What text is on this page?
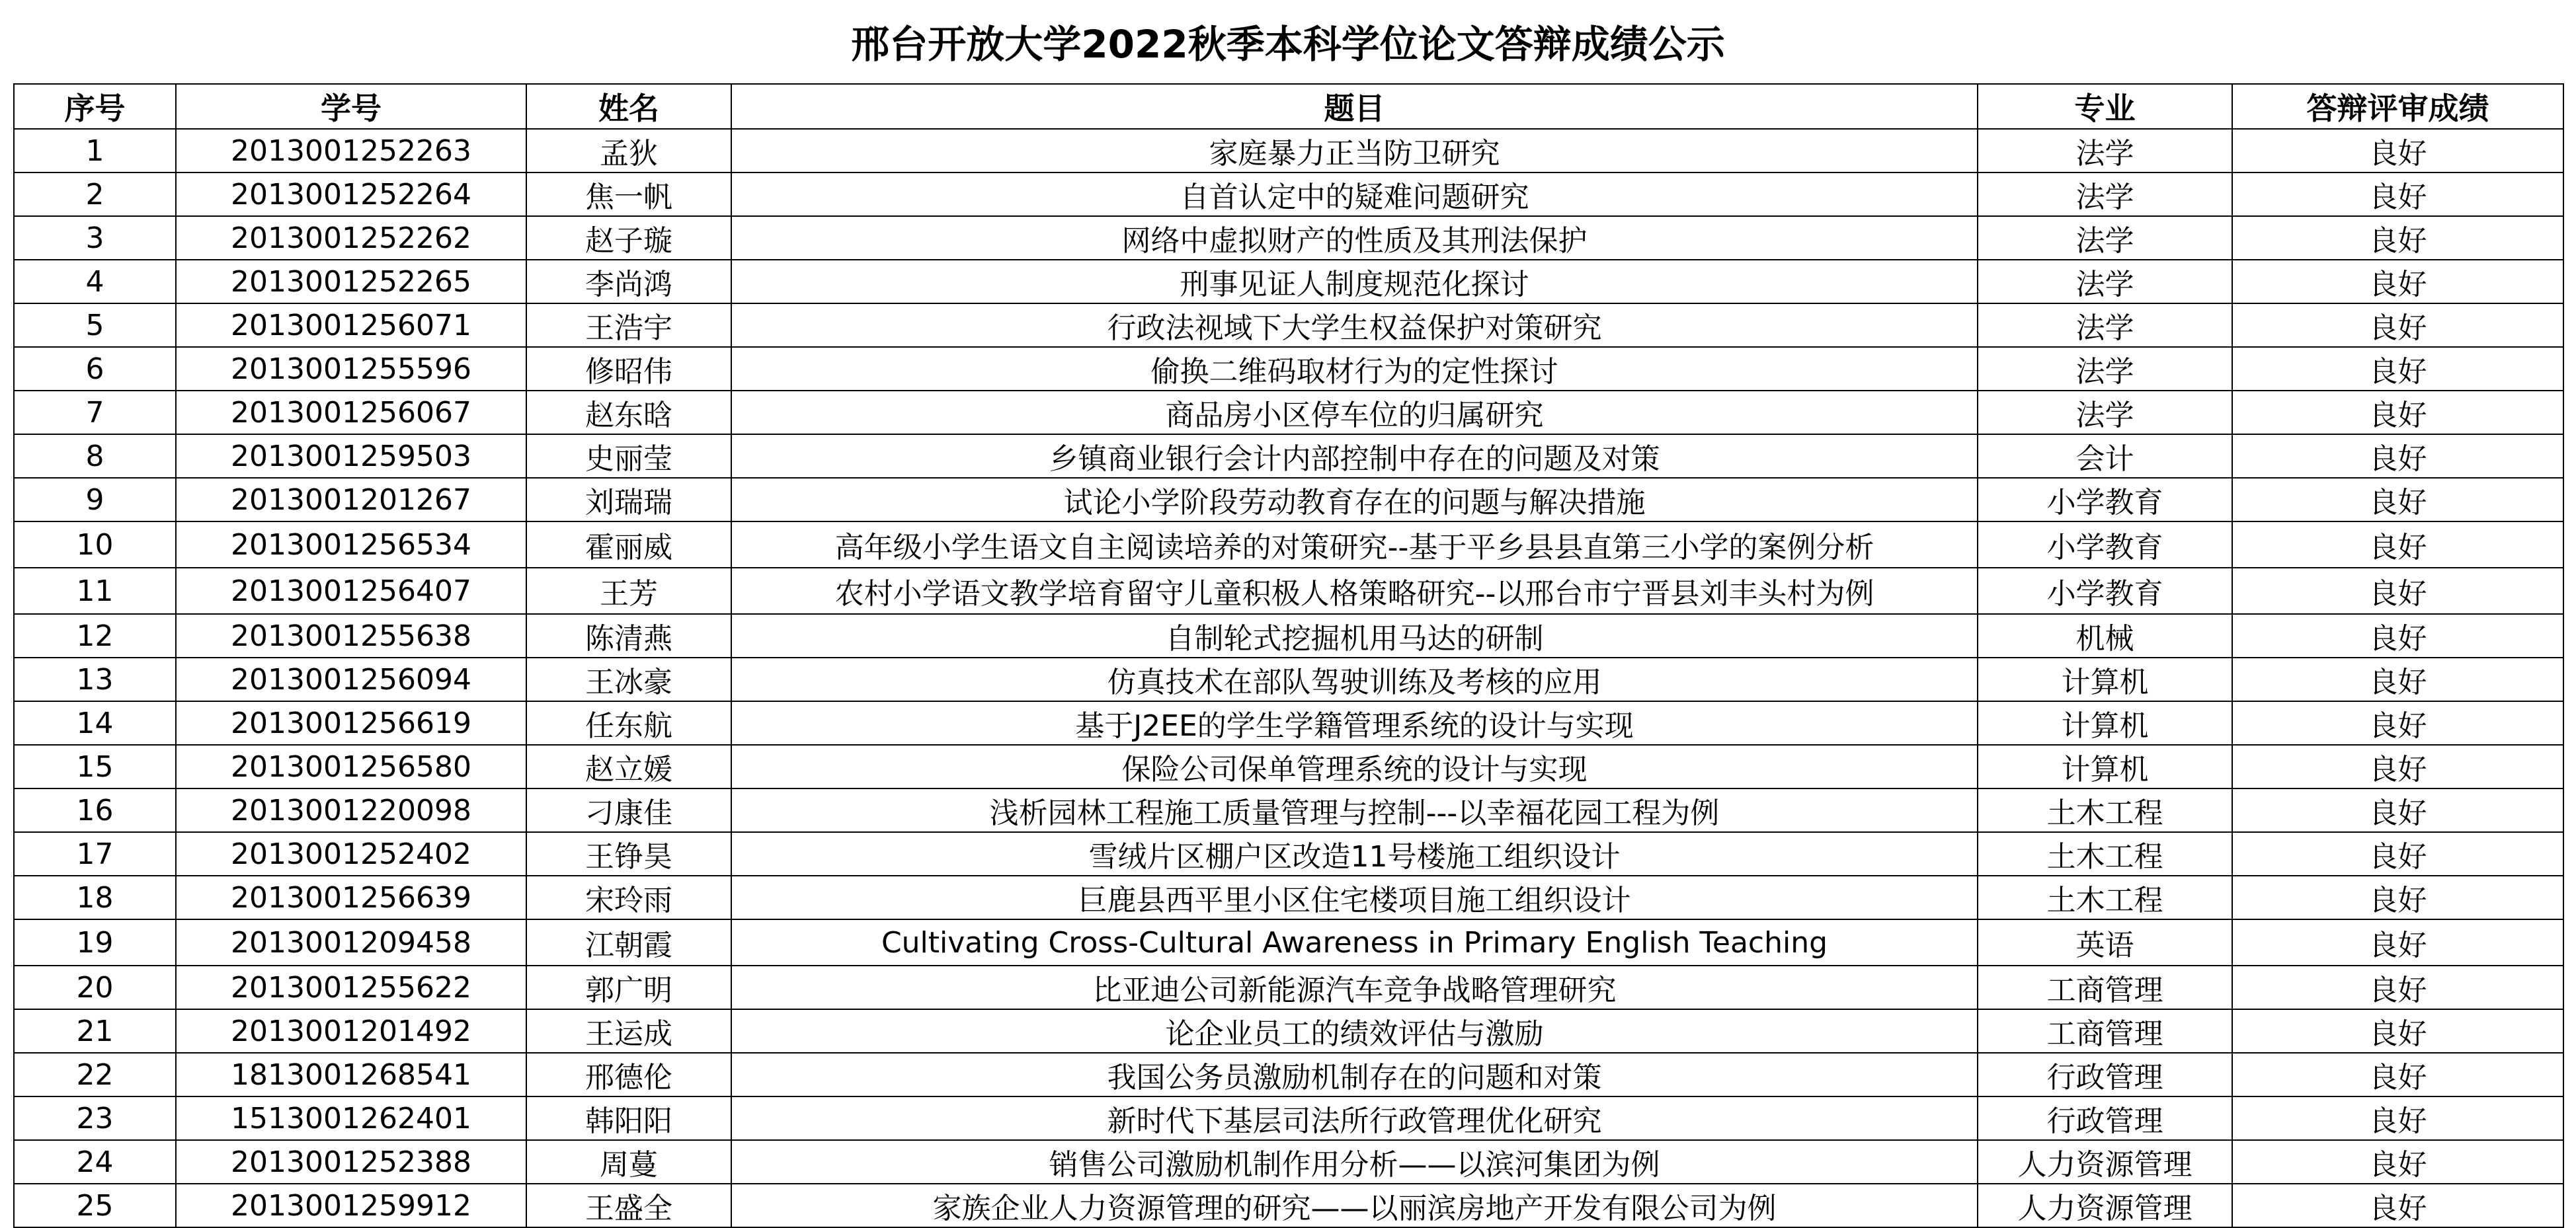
邢台开放大学2022秋季本科学位论文答辩成绩公示
序号	学号	姓名	题目	专业	答辩评审成绩
1	2013001252263	孟狄	家庭暴力正当防卫研究	法学	良好
2	2013001252264	焦一帆	自首认定中的疑难问题研究	法学	良好
3	2013001252262	赵子璇	网络中虚拟财产的性质及其刑法保护	法学	良好
4	2013001252265	李尚鸿	刑事见证人制度规范化探讨	法学	良好
5	2013001256071	王浩宇	行政法视域下大学生权益保护对策研究	法学	良好
6	2013001255596	修昭伟	偷换二维码取材行为的定性探讨	法学	良好
7	2013001256067	赵东晗	商品房小区停车位的归属研究	法学	良好
8	2013001259503	史丽莹	乡镇商业银行会计内部控制中存在的问题及对策	会计	良好
9	2013001201267	刘瑞瑞	试论小学阶段劳动教育存在的问题与解决措施	小学教育	良好
10	2013001256534	霍丽威	高年级小学生语文自主阅读培养的对策研究--基于平乡县县直第三小学的案例分析	小学教育	良好
11	2013001256407	王芳	农村小学语文教学培育留守儿童积极人格策略研究--以邢台市宁晋县刘丰头村为例	小学教育	良好
12	2013001255638	陈清燕	自制轮式挖掘机用马达的研制	机械	良好
13	2013001256094	王冰豪	仿真技术在部队驾驶训练及考核的应用	计算机	良好
14	2013001256619	任东航	基于J2EE的学生学籍管理系统的设计与实现	计算机	良好
15	2013001256580	赵立媛	保险公司保单管理系统的设计与实现	计算机	良好
16	2013001220098	刁康佳	浅析园林工程施工质量管理与控制---以幸福花园工程为例	土木工程	良好
17	2013001252402	王铮昊	雪绒片区棚户区改造11号楼施工组织设计	土木工程	良好
18	2013001256639	宋玲雨	巨鹿县西平里小区住宅楼项目施工组织设计	土木工程	良好
19	2013001209458	江朝霞	Cultivating Cross-Cultural Awareness in Primary English Teaching	英语	良好
20	2013001255622	郭广明	比亚迪公司新能源汽车竞争战略管理研究	工商管理	良好
21	2013001201492	王运成	论企业员工的绩效评估与激励	工商管理	良好
22	1813001268541	邢德伦	我国公务员激励机制存在的问题和对策	行政管理	良好
23	1513001262401	韩阳阳	新时代下基层司法所行政管理优化研究	行政管理	良好
24	2013001252388	周蔓	销售公司激励机制作用分析——以滨河集团为例	人力资源管理	良好
25	2013001259912	王盛全	家族企业人力资源管理的研究——以丽滨房地产开发有限公司为例	人力资源管理	良好
